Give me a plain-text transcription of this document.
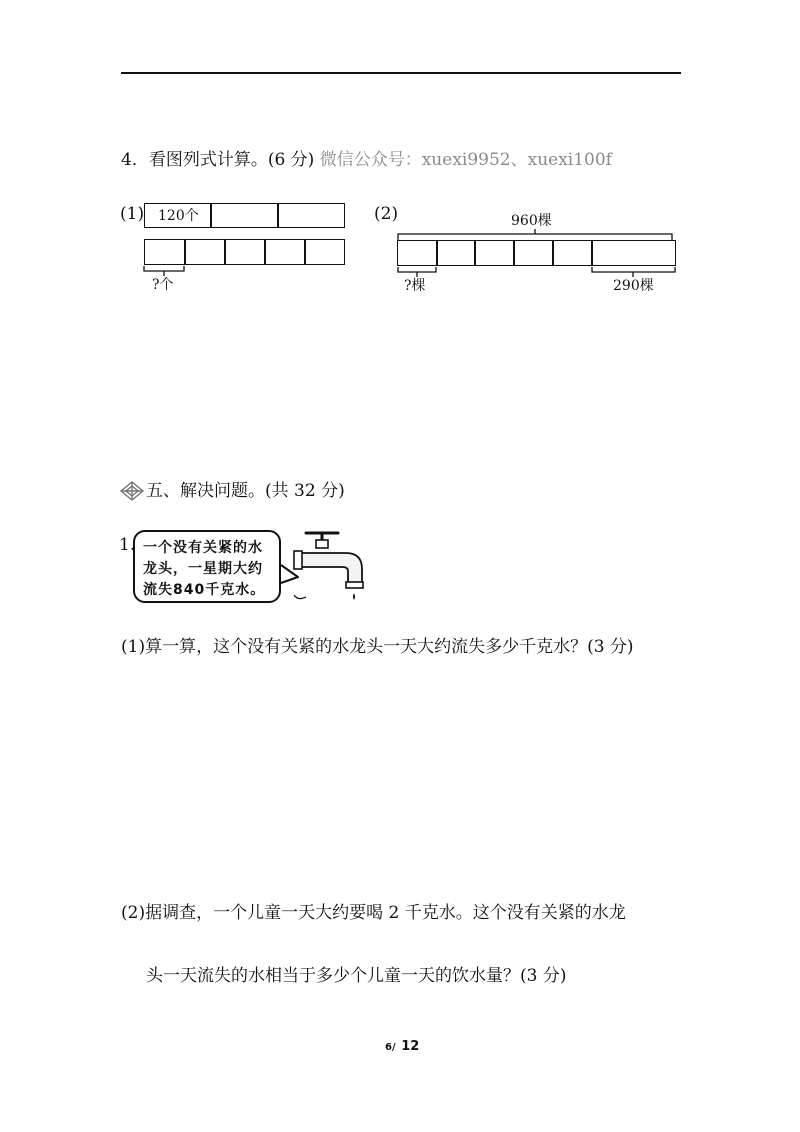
4．看图列式计算。(6 分) 微信公众号：xuexi9952、xuexi100f
(1) 120个
?个
(2)	960棵
?棵	290棵
五、解决问题。(共 32 分)
1. 一个没有关紧的水
龙头，一星期大约
流失840千克水。
(1)算一算，这个没有关紧的水龙头一天大约流失多少千克水？(3 分)
(2)据调查，一个儿童一天大约要喝 2 千克水。这个没有关紧的水龙
头一天流失的水相当于多少个儿童一天的饮水量？(3 分)
6/ 12
